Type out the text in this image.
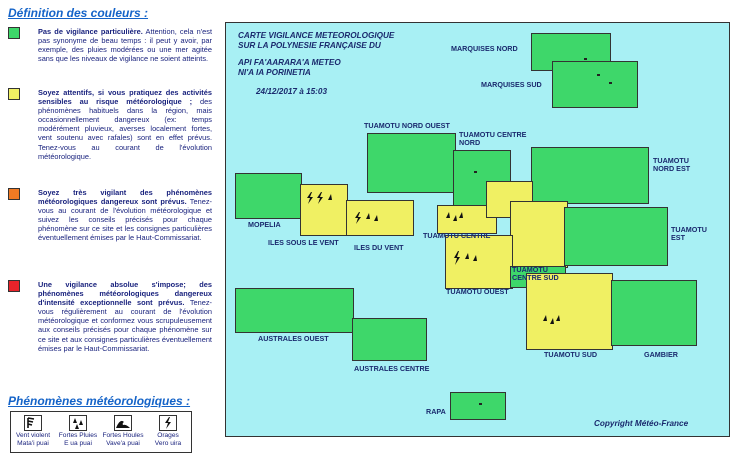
Définition des couleurs :
Pas de vigilance particulière. Attention, cela n'est pas synonyme de beau temps : il peut y avoir, par exemple, des pluies modérées ou une mer agitée sans que les niveaux de vigilance ne soient atteints.
Soyez attentifs, si vous pratiquez des activités sensibles au risque météorologique ; des phénomènes habituels dans la région, mais occasionnellement dangereux (ex: temps modérément pluvieux, averses localement fortes, vent soutenu avec rafales) sont en effet prévus. Tenez-vous au courant de l'évolution météorologique.
Soyez très vigilant des phénomènes météorologiques dangereux sont prévus. Tenez-vous au courant de l'évolution météorologique et suivez les conseils précisés pour chaque phénomène sur ce site et les consignes particulières éventuellement émises par le Haut-Commissariat.
Une vigilance absolue s'impose; des phénomènes météorologiques dangereux d'intensité exceptionnelle sont prévus. Tenez-vous régulièrement au courant de l'évolution météorologique et conformez vous scrupuleusement aux conseils précisés pour chaque phénomène sur ce site et aux consignes particulières éventuellement émises par le Haut-Commissariat.
Phénomènes météorologiques :
Vent violent
Mata'i puai
Fortes Pluies
E ua puai
Fortes Houles
Vave'a puai
Orages
Vero uira
CARTE VIGILANCE METEOROLOGIQUE
SUR LA POLYNESIE FRANÇAISE DU
API FA'AARARA'A METEO
NI'A IA PORINETIA
24/12/2017 à 15:03
MARQUISES NORD
MARQUISES SUD
TUAMOTU NORD OUEST
TUAMOTU CENTRE
NORD
TUAMOTU
NORD EST
MOPELIA
ILES SOUS LE VENT
ILES DU VENT
TUAMOTU CENTRE
TUAMOTU
EST
TUAMOTU OUEST
TUAMOTU
CENTRE SUD
TUAMOTU SUD	GAMBIER
AUSTRALES OUEST
AUSTRALES CENTRE
RAPA
Copyright Météo-France
